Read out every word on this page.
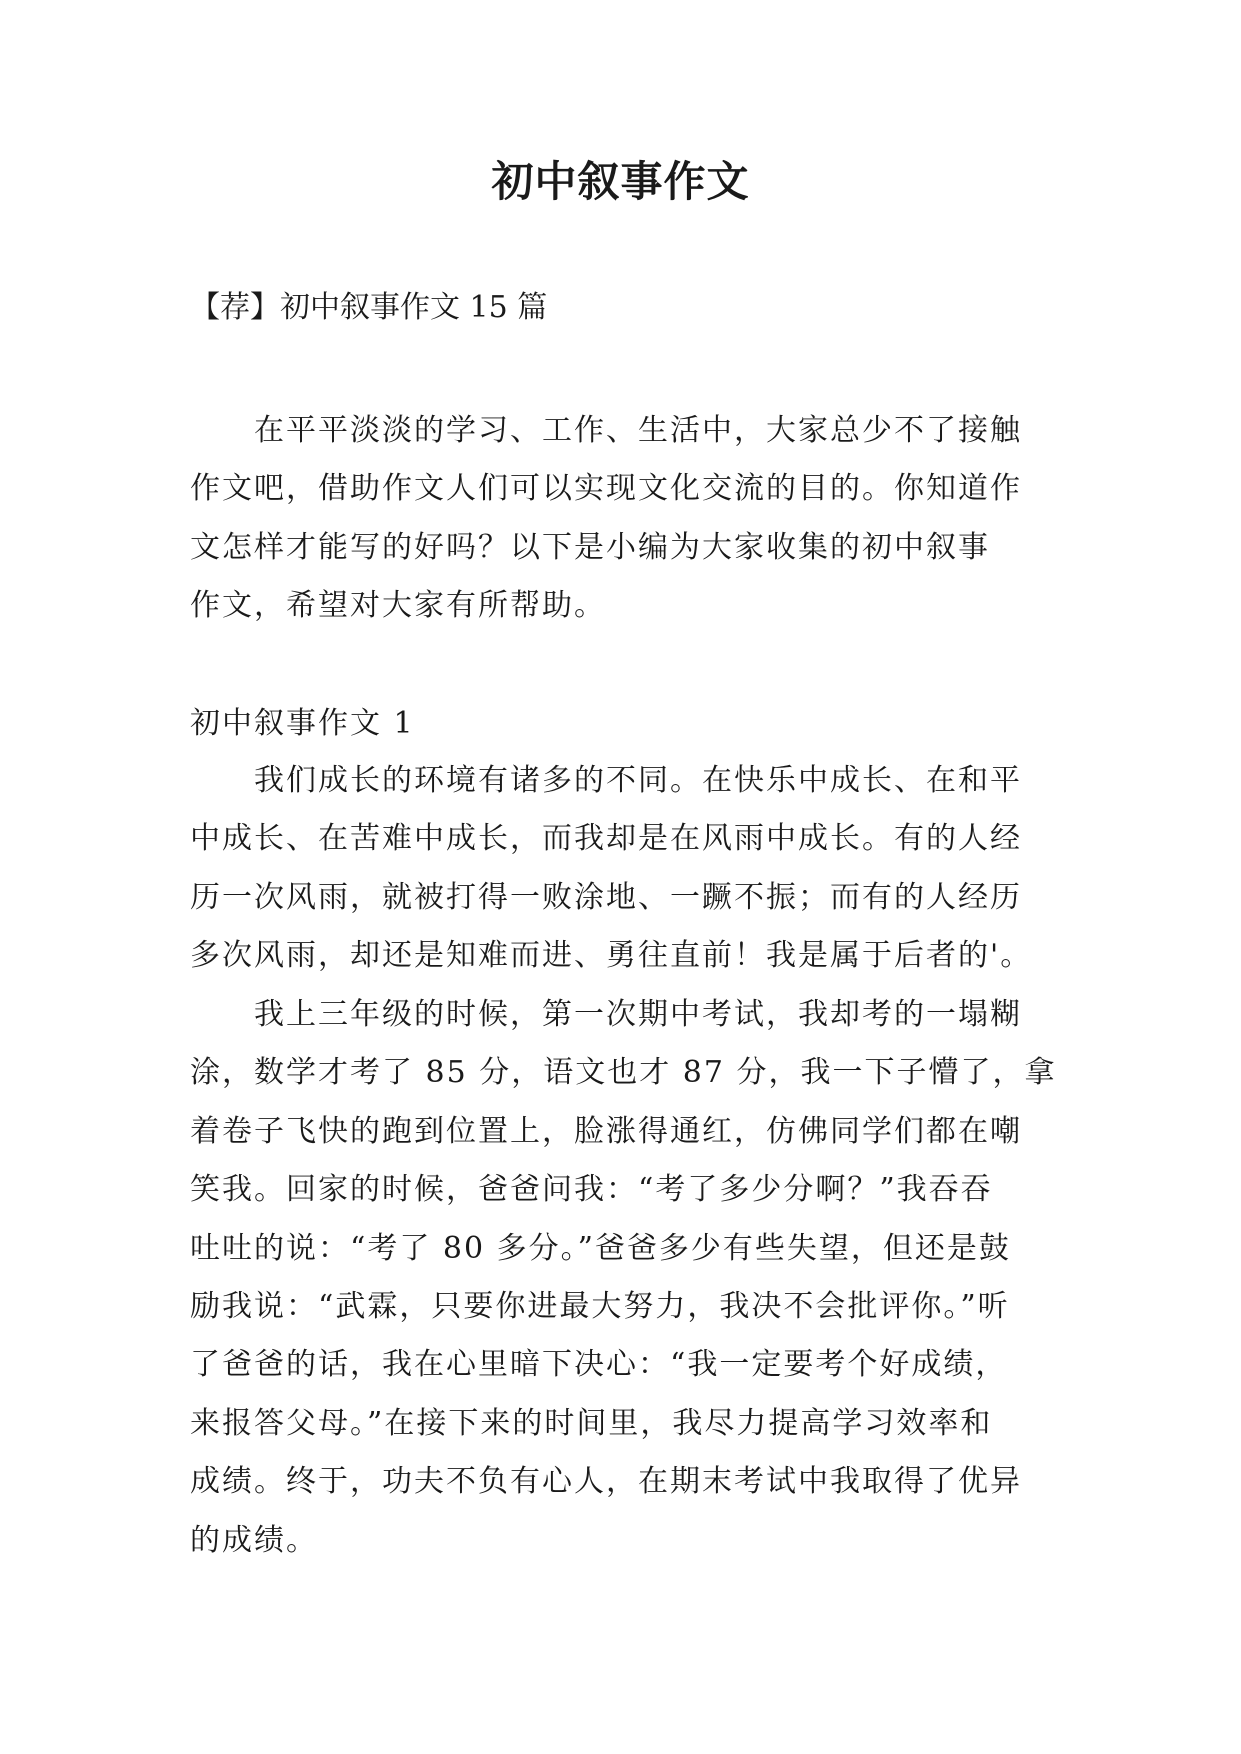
初中叙事作文
【荐】初中叙事作文 15 篇
　　在平平淡淡的学习、工作、生活中，大家总少不了接触
作文吧，借助作文人们可以实现文化交流的目的。你知道作
文怎样才能写的好吗？以下是小编为大家收集的初中叙事
作文，希望对大家有所帮助。
初中叙事作文 1
　　我们成长的环境有诸多的不同。在快乐中成长、在和平
中成长、在苦难中成长，而我却是在风雨中成长。有的人经
历一次风雨，就被打得一败涂地、一蹶不振；而有的人经历
多次风雨，却还是知难而进、勇往直前！我是属于后者的'。
　　我上三年级的时候，第一次期中考试，我却考的一塌糊
涂，数学才考了 85 分，语文也才 87 分，我一下子懵了，拿
着卷子飞快的跑到位置上，脸涨得通红，仿佛同学们都在嘲
笑我。回家的时候，爸爸问我：“考了多少分啊？”我吞吞
吐吐的说：“考了 80 多分。”爸爸多少有些失望，但还是鼓
励我说：“武霖，只要你进最大努力，我决不会批评你。”听
了爸爸的话，我在心里暗下决心：“我一定要考个好成绩，
来报答父母。”在接下来的时间里，我尽力提高学习效率和
成绩。终于，功夫不负有心人，在期末考试中我取得了优异
的成绩。
